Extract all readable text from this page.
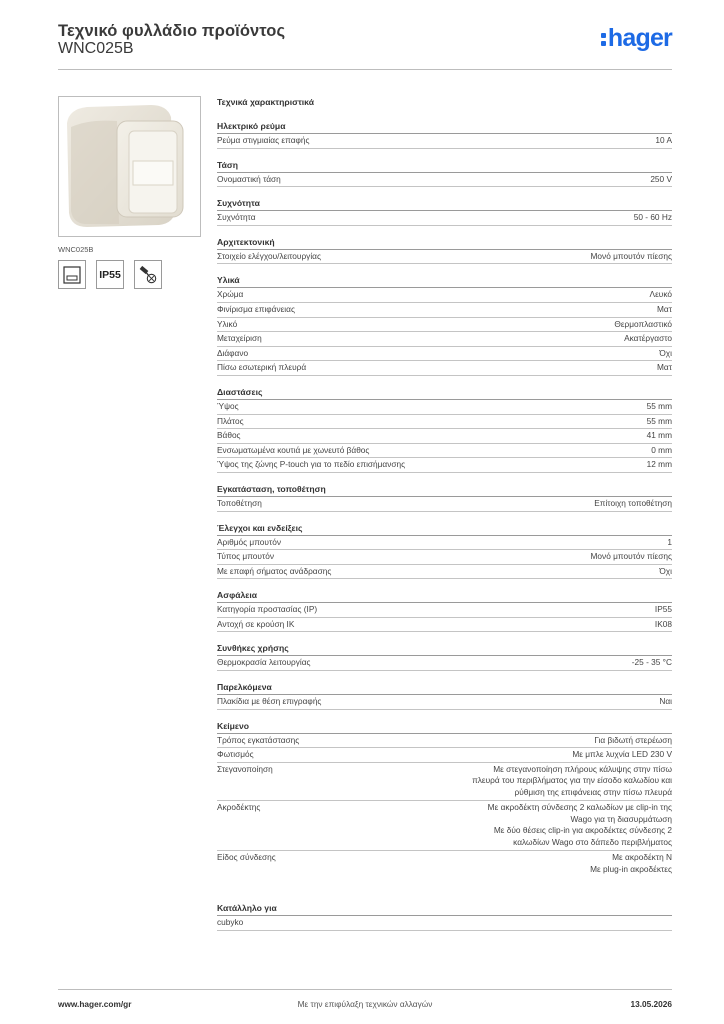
Τεχνικό φυλλάδιο προϊόντος
WNC025B	hager
WNC025B
IP55
Τεχνικά χαρακτηριστικά
Ηλεκτρικό ρεύμα
Ρεύμα στιγμιαίας επαφής	10 A
Τάση
Ονομαστική τάση	250 V
Συχνότητα
Συχνότητα	50 - 60 Hz
Αρχιτεκτονική
Στοιχείο ελέγχου/λειτουργίας	Μονό μπουτόν πίεσης
Υλικά
Χρώμα	Λευκό
Φινίρισμα επιφάνειας	Ματ
Υλικό	Θερμοπλαστικό
Μεταχείριση	Ακατέργαστο
Διάφανο	Όχι
Πίσω εσωτερική πλευρά	Ματ
Διαστάσεις
Ύψος	55 mm
Πλάτος	55 mm
Βάθος	41 mm
Ενσωματωμένα κουτιά με χωνευτό βάθος	0 mm
Ύψος της ζώνης P-touch για το πεδίο επισήμανσης	12 mm
Εγκατάσταση, τοποθέτηση
Τοποθέτηση	Επίτοιχη τοποθέτηση
Έλεγχοι και ενδείξεις
Αριθμός μπουτόν	1
Τύπος μπουτόν	Μονό μπουτόν πίεσης
Με επαφή σήματος ανάδρασης	Όχι
Ασφάλεια
Κατηγορία προστασίας (IP)	IP55
Αντοχή σε κρούση IK	IK08
Συνθήκες χρήσης
Θερμοκρασία λειτουργίας	-25 - 35 °C
Παρελκόμενα
Πλακίδια με θέση επιγραφής	Ναι
Κείμενο
Τρόπος εγκατάστασης	Για βιδωτή στερέωση
Φωτισμός	Με μπλε λυχνία LED 230 V
Στεγανοποίηση	Με στεγανοποίηση πλήρους κάλυψης στην πίσω
πλευρά του περιβλήματος για την είσοδο καλωδίου και
ρύθμιση της επιφάνειας στην πίσω πλευρά
Ακροδέκτης	Με ακροδέκτη σύνδεσης 2 καλωδίων με clip-in της
Wago για τη διασυρμάτωση
Με δύο θέσεις clip-in για ακροδέκτες σύνδεσης 2
καλωδίων Wago στο δάπεδο περιβλήματος
Είδος σύνδεσης	Με ακροδέκτη N
Με plug-in ακροδέκτες
Κατάλληλο για
cubyko
www.hager.com/gr	Με την επιφύλαξη τεχνικών αλλαγών	13.05.2026
